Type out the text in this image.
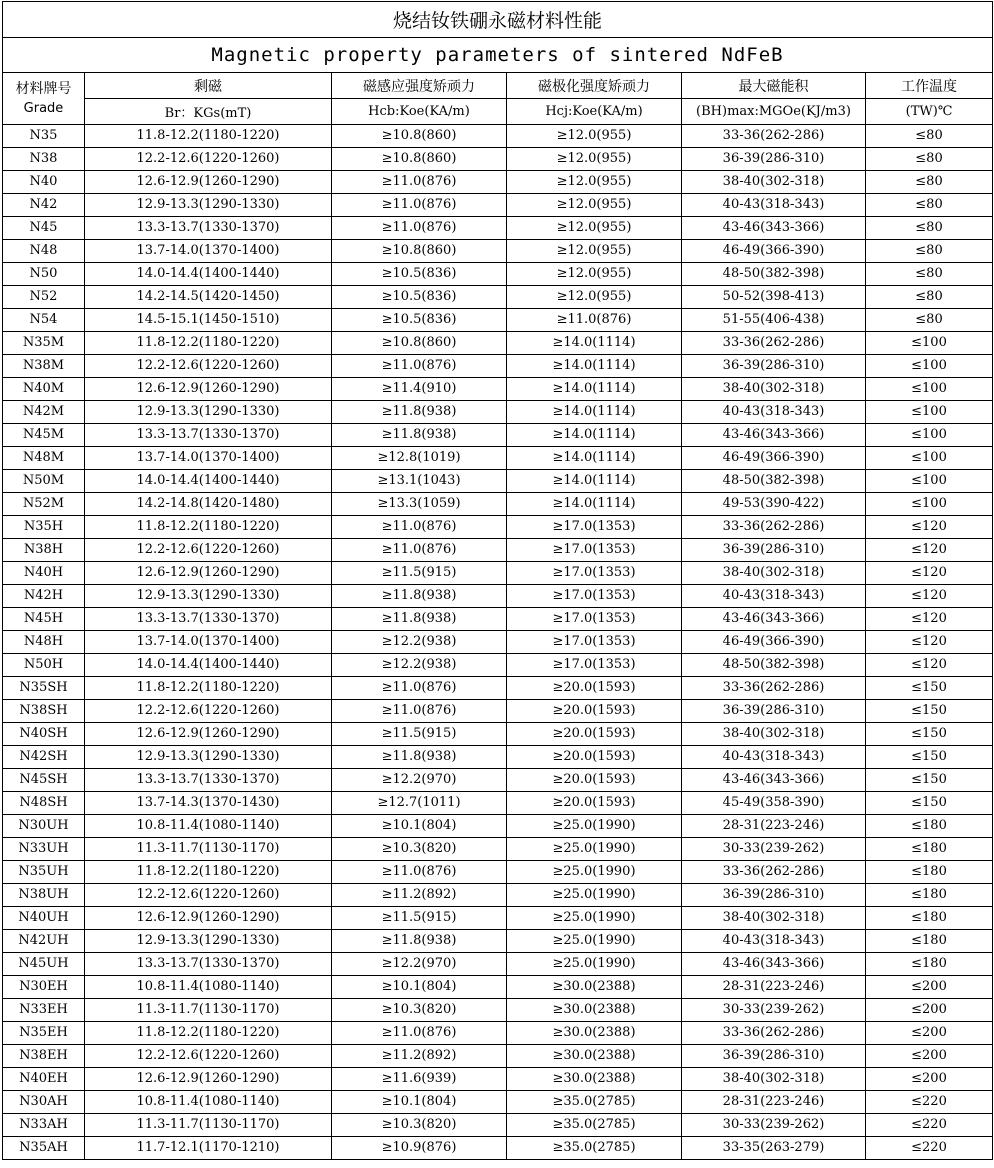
烧结钕铁硼永磁材料性能					
Magnetic property parameters of sintered NdFeB					

材料牌号
Grade	剩磁	磁感应强度矫顽力	磁极化强度矫顽力	最大磁能积	工作温度
	Br：KGs(mT)	Hcb:Koe(KA/m)	Hcj:Koe(KA/m)	(BH)max:MGOe(KJ/m3)	(TW)℃
N35	11.8-12.2(1180-1220)	≥10.8(860)	≥12.0(955)	33-36(262-286)	≤80
N38	12.2-12.6(1220-1260)	≥10.8(860)	≥12.0(955)	36-39(286-310)	≤80
N40	12.6-12.9(1260-1290)	≥11.0(876)	≥12.0(955)	38-40(302-318)	≤80
N42	12.9-13.3(1290-1330)	≥11.0(876)	≥12.0(955)	40-43(318-343)	≤80
N45	13.3-13.7(1330-1370)	≥11.0(876)	≥12.0(955)	43-46(343-366)	≤80
N48	13.7-14.0(1370-1400)	≥10.8(860)	≥12.0(955)	46-49(366-390)	≤80
N50	14.0-14.4(1400-1440)	≥10.5(836)	≥12.0(955)	48-50(382-398)	≤80
N52	14.2-14.5(1420-1450)	≥10.5(836)	≥12.0(955)	50-52(398-413)	≤80
N54	14.5-15.1(1450-1510)	≥10.5(836)	≥11.0(876)	51-55(406-438)	≤80
N35M	11.8-12.2(1180-1220)	≥10.8(860)	≥14.0(1114)	33-36(262-286)	≤100
N38M	12.2-12.6(1220-1260)	≥11.0(876)	≥14.0(1114)	36-39(286-310)	≤100
N40M	12.6-12.9(1260-1290)	≥11.4(910)	≥14.0(1114)	38-40(302-318)	≤100
N42M	12.9-13.3(1290-1330)	≥11.8(938)	≥14.0(1114)	40-43(318-343)	≤100
N45M	13.3-13.7(1330-1370)	≥11.8(938)	≥14.0(1114)	43-46(343-366)	≤100
N48M	13.7-14.0(1370-1400)	≥12.8(1019)	≥14.0(1114)	46-49(366-390)	≤100
N50M	14.0-14.4(1400-1440)	≥13.1(1043)	≥14.0(1114)	48-50(382-398)	≤100
N52M	14.2-14.8(1420-1480)	≥13.3(1059)	≥14.0(1114)	49-53(390-422)	≤100
N35H	11.8-12.2(1180-1220)	≥11.0(876)	≥17.0(1353)	33-36(262-286)	≤120
N38H	12.2-12.6(1220-1260)	≥11.0(876)	≥17.0(1353)	36-39(286-310)	≤120
N40H	12.6-12.9(1260-1290)	≥11.5(915)	≥17.0(1353)	38-40(302-318)	≤120
N42H	12.9-13.3(1290-1330)	≥11.8(938)	≥17.0(1353)	40-43(318-343)	≤120
N45H	13.3-13.7(1330-1370)	≥11.8(938)	≥17.0(1353)	43-46(343-366)	≤120
N48H	13.7-14.0(1370-1400)	≥12.2(938)	≥17.0(1353)	46-49(366-390)	≤120
N50H	14.0-14.4(1400-1440)	≥12.2(938)	≥17.0(1353)	48-50(382-398)	≤120
N35SH	11.8-12.2(1180-1220)	≥11.0(876)	≥20.0(1593)	33-36(262-286)	≤150
N38SH	12.2-12.6(1220-1260)	≥11.0(876)	≥20.0(1593)	36-39(286-310)	≤150
N40SH	12.6-12.9(1260-1290)	≥11.5(915)	≥20.0(1593)	38-40(302-318)	≤150
N42SH	12.9-13.3(1290-1330)	≥11.8(938)	≥20.0(1593)	40-43(318-343)	≤150
N45SH	13.3-13.7(1330-1370)	≥12.2(970)	≥20.0(1593)	43-46(343-366)	≤150
N48SH	13.7-14.3(1370-1430)	≥12.7(1011)	≥20.0(1593)	45-49(358-390)	≤150
N30UH	10.8-11.4(1080-1140)	≥10.1(804)	≥25.0(1990)	28-31(223-246)	≤180
N33UH	11.3-11.7(1130-1170)	≥10.3(820)	≥25.0(1990)	30-33(239-262)	≤180
N35UH	11.8-12.2(1180-1220)	≥11.0(876)	≥25.0(1990)	33-36(262-286)	≤180
N38UH	12.2-12.6(1220-1260)	≥11.2(892)	≥25.0(1990)	36-39(286-310)	≤180
N40UH	12.6-12.9(1260-1290)	≥11.5(915)	≥25.0(1990)	38-40(302-318)	≤180
N42UH	12.9-13.3(1290-1330)	≥11.8(938)	≥25.0(1990)	40-43(318-343)	≤180
N45UH	13.3-13.7(1330-1370)	≥12.2(970)	≥25.0(1990)	43-46(343-366)	≤180
N30EH	10.8-11.4(1080-1140)	≥10.1(804)	≥30.0(2388)	28-31(223-246)	≤200
N33EH	11.3-11.7(1130-1170)	≥10.3(820)	≥30.0(2388)	30-33(239-262)	≤200
N35EH	11.8-12.2(1180-1220)	≥11.0(876)	≥30.0(2388)	33-36(262-286)	≤200
N38EH	12.2-12.6(1220-1260)	≥11.2(892)	≥30.0(2388)	36-39(286-310)	≤200
N40EH	12.6-12.9(1260-1290)	≥11.6(939)	≥30.0(2388)	38-40(302-318)	≤200
N30AH	10.8-11.4(1080-1140)	≥10.1(804)	≥35.0(2785)	28-31(223-246)	≤220
N33AH	11.3-11.7(1130-1170)	≥10.3(820)	≥35.0(2785)	30-33(239-262)	≤220
N35AH	11.7-12.1(1170-1210)	≥10.9(876)	≥35.0(2785)	33-35(263-279)	≤220
